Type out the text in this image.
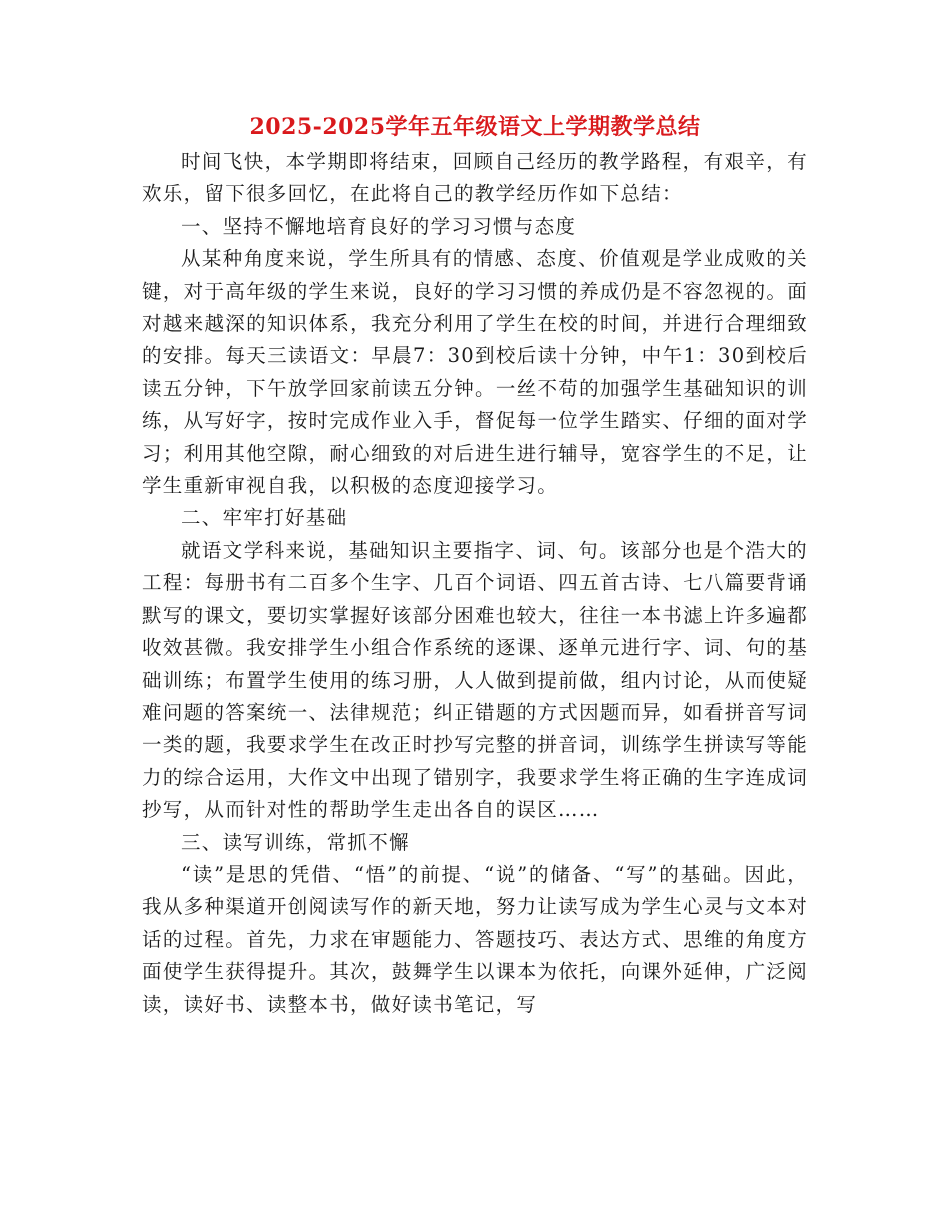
2025-2025学年五年级语文上学期教学总结

时间飞快，本学期即将结束，回顾自己经历的教学路程，有艰辛，有欢乐，留下很多回忆，在此将自己的教学经历作如下总结：

一、坚持不懈地培育良好的学习习惯与态度

从某种角度来说，学生所具有的情感、态度、价值观是学业成败的关键，对于高年级的学生来说，良好的学习习惯的养成仍是不容忽视的。面对越来越深的知识体系，我充分利用了学生在校的时间，并进行合理细致的安排。每天三读语文：早晨7：30到校后读十分钟，中午1：30到校后读五分钟，下午放学回家前读五分钟。一丝不苟的加强学生基础知识的训练，从写好字，按时完成作业入手，督促每一位学生踏实、仔细的面对学习；利用其他空隙，耐心细致的对后进生进行辅导，宽容学生的不足，让学生重新审视自我，以积极的态度迎接学习。

二、牢牢打好基础

就语文学科来说，基础知识主要指字、词、句。该部分也是个浩大的工程：每册书有二百多个生字、几百个词语、四五首古诗、七八篇要背诵默写的课文，要切实掌握好该部分困难也较大，往往一本书滤上许多遍都收效甚微。我安排学生小组合作系统的逐课、逐单元进行字、词、句的基础训练；布置学生使用的练习册，人人做到提前做，组内讨论，从而使疑难问题的答案统一、法律规范；纠正错题的方式因题而异，如看拼音写词一类的题，我要求学生在改正时抄写完整的拼音词，训练学生拼读写等能力的综合运用，大作文中出现了错别字，我要求学生将正确的生字连成词抄写，从而针对性的帮助学生走出各自的误区……

三、读写训练，常抓不懈

“读”是思的凭借、“悟”的前提、“说”的储备、“写”的基础。因此，我从多种渠道开创阅读写作的新天地，努力让读写成为学生心灵与文本对话的过程。首先，力求在审题能力、答题技巧、表达方式、思维的角度方面使学生获得提升。其次，鼓舞学生以课本为依托，向课外延伸，广泛阅读，读好书、读整本书，做好读书笔记，写
